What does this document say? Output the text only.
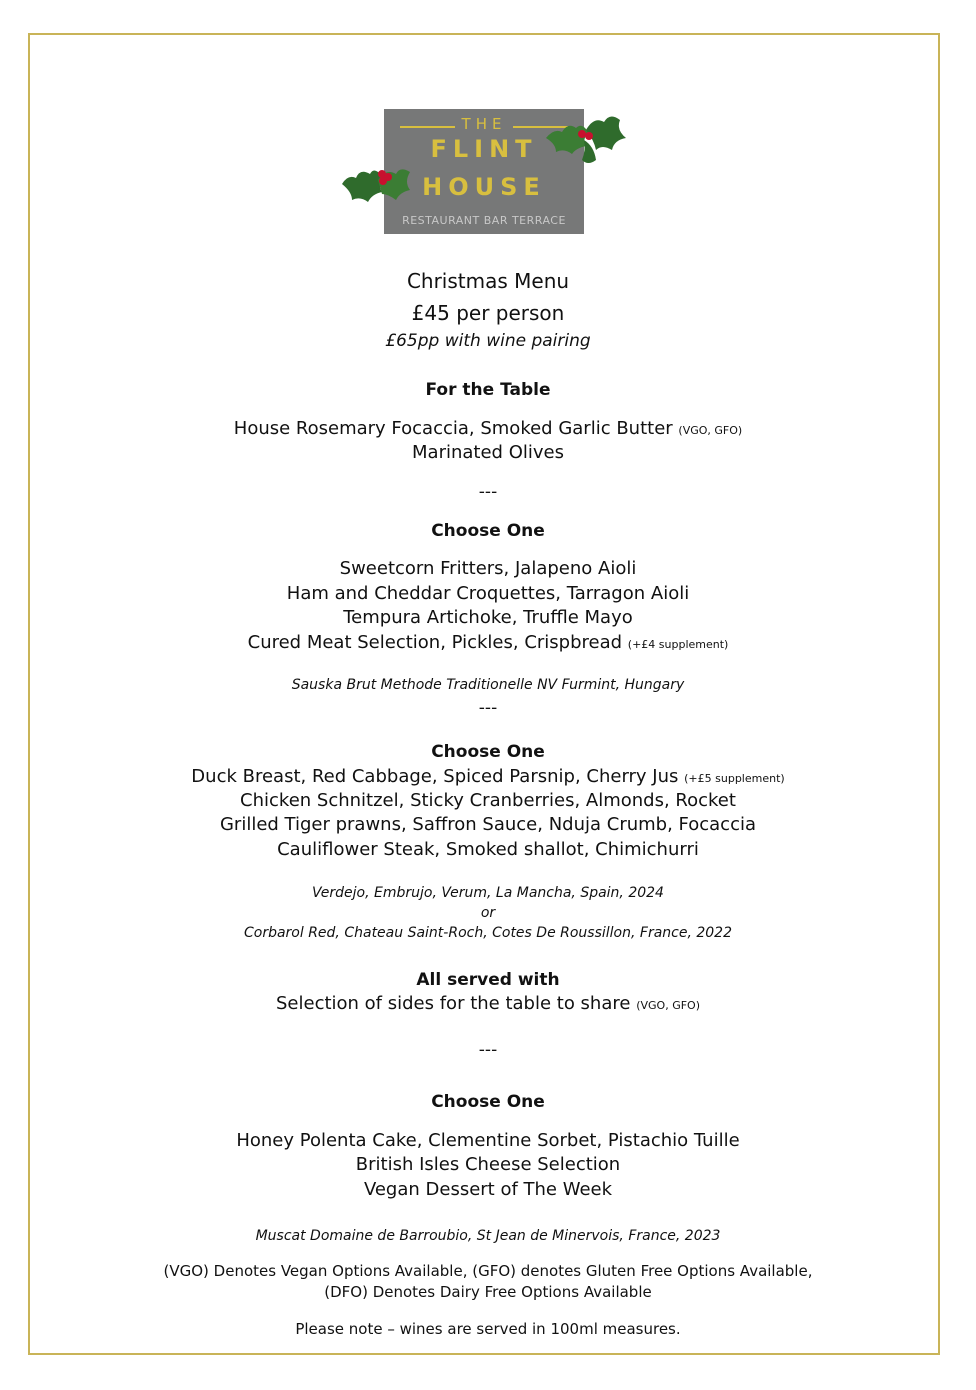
THE
FLINT
HOUSE
RESTAURANT BAR TERRACE
Christmas Menu
£45 per person
£65pp with wine pairing
For the Table
House Rosemary Focaccia, Smoked Garlic Butter (VGO, GFO)
Marinated Olives
---
Choose One
Sweetcorn Fritters, Jalapeno Aioli
Ham and Cheddar Croquettes, Tarragon Aioli
Tempura Artichoke, Truffle Mayo
Cured Meat Selection, Pickles, Crispbread (+£4 supplement)
Sauska Brut Methode Traditionelle NV Furmint, Hungary
---
Choose One
Duck Breast, Red Cabbage, Spiced Parsnip, Cherry Jus (+£5 supplement)
Chicken Schnitzel, Sticky Cranberries, Almonds, Rocket
Grilled Tiger prawns, Saffron Sauce, Nduja Crumb, Focaccia
Cauliflower Steak, Smoked shallot, Chimichurri
Verdejo, Embrujo, Verum, La Mancha, Spain, 2024
or
Corbarol Red, Chateau Saint-Roch, Cotes De Roussillon, France, 2022
All served with
Selection of sides for the table to share (VGO, GFO)
---
Choose One
Honey Polenta Cake, Clementine Sorbet, Pistachio Tuille
British Isles Cheese Selection
Vegan Dessert of The Week
Muscat Domaine de Barroubio, St Jean de Minervois, France, 2023
(VGO) Denotes Vegan Options Available, (GFO) denotes Gluten Free Options Available,
(DFO) Denotes Dairy Free Options Available
Please note – wines are served in 100ml measures.
